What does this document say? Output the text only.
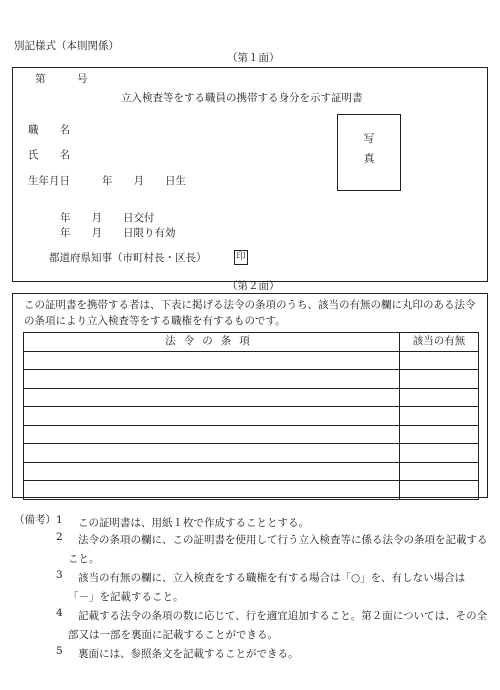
別記様式（本則関係）
（第１面）
第　　　号
立入検査等をする職員の携帯する身分を示す証明書
職　　名
氏　　名
生年月日	年　　月　　日生
写
真
年　　月　　日交付
年　　月　　日限り有効
都道府県知事（市町村長・区長）	印
（第２面）
この証明書を携帯する者は、下表に掲げる法令の条項のうち、該当の有無の欄に丸印のある法令の条項により立入検査等をする職権を有するものです。
法令の条項	該当の有無

（備考） 1	この証明書は、用紙１枚で作成することとする。
2	法令の条項の欄に、この証明書を使用して行う立入検査等に係る法令の条項を記載すること。
3	該当の有無の欄に、立入検査をする職権を有する場合は「○」を、有しない場合は「－」を記載すること。
4	記載する法令の条項の数に応じて、行を適宜追加すること。第２面については、その全部又は一部を裏面に記載することができる。
5	裏面には、参照条文を記載することができる。
